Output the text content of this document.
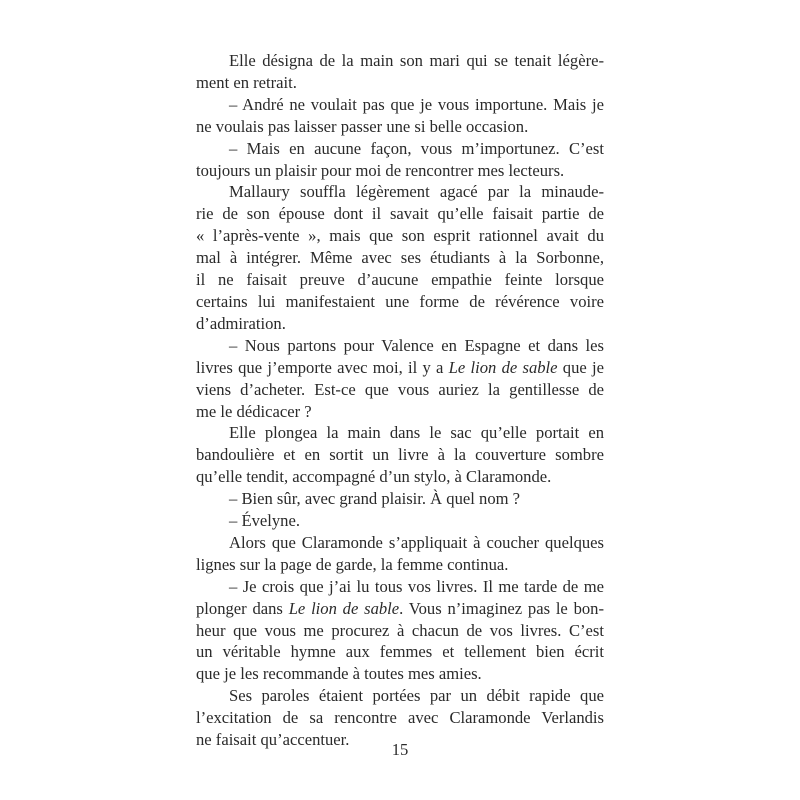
Elle désigna de la main son mari qui se tenait légère-
ment en retrait.
– André ne voulait pas que je vous importune. Mais je
ne voulais pas laisser passer une si belle occasion.
– Mais en aucune façon, vous m’importunez. C’est
toujours un plaisir pour moi de rencontrer mes lecteurs.
Mallaury souffla légèrement agacé par la minaude-
rie de son épouse dont il savait qu’elle faisait partie de
« l’après-vente », mais que son esprit rationnel avait du
mal à intégrer. Même avec ses étudiants à la Sorbonne,
il ne faisait preuve d’aucune empathie feinte lorsque
certains lui manifestaient une forme de révérence voire
d’admiration.
– Nous partons pour Valence en Espagne et dans les
livres que j’emporte avec moi, il y a Le lion de sable que je
viens d’acheter. Est-ce que vous auriez la gentillesse de
me le dédicacer ?
Elle plongea la main dans le sac qu’elle portait en
bandoulière et en sortit un livre à la couverture sombre
qu’elle tendit, accompagné d’un stylo, à Claramonde.
– Bien sûr, avec grand plaisir. À quel nom ?
– Évelyne.
Alors que Claramonde s’appliquait à coucher quelques
lignes sur la page de garde, la femme continua.
– Je crois que j’ai lu tous vos livres. Il me tarde de me
plonger dans Le lion de sable. Vous n’imaginez pas le bon-
heur que vous me procurez à chacun de vos livres. C’est
un véritable hymne aux femmes et tellement bien écrit
que je les recommande à toutes mes amies.
Ses paroles étaient portées par un débit rapide que
l’excitation de sa rencontre avec Claramonde Verlandis
ne faisait qu’accentuer.
15
